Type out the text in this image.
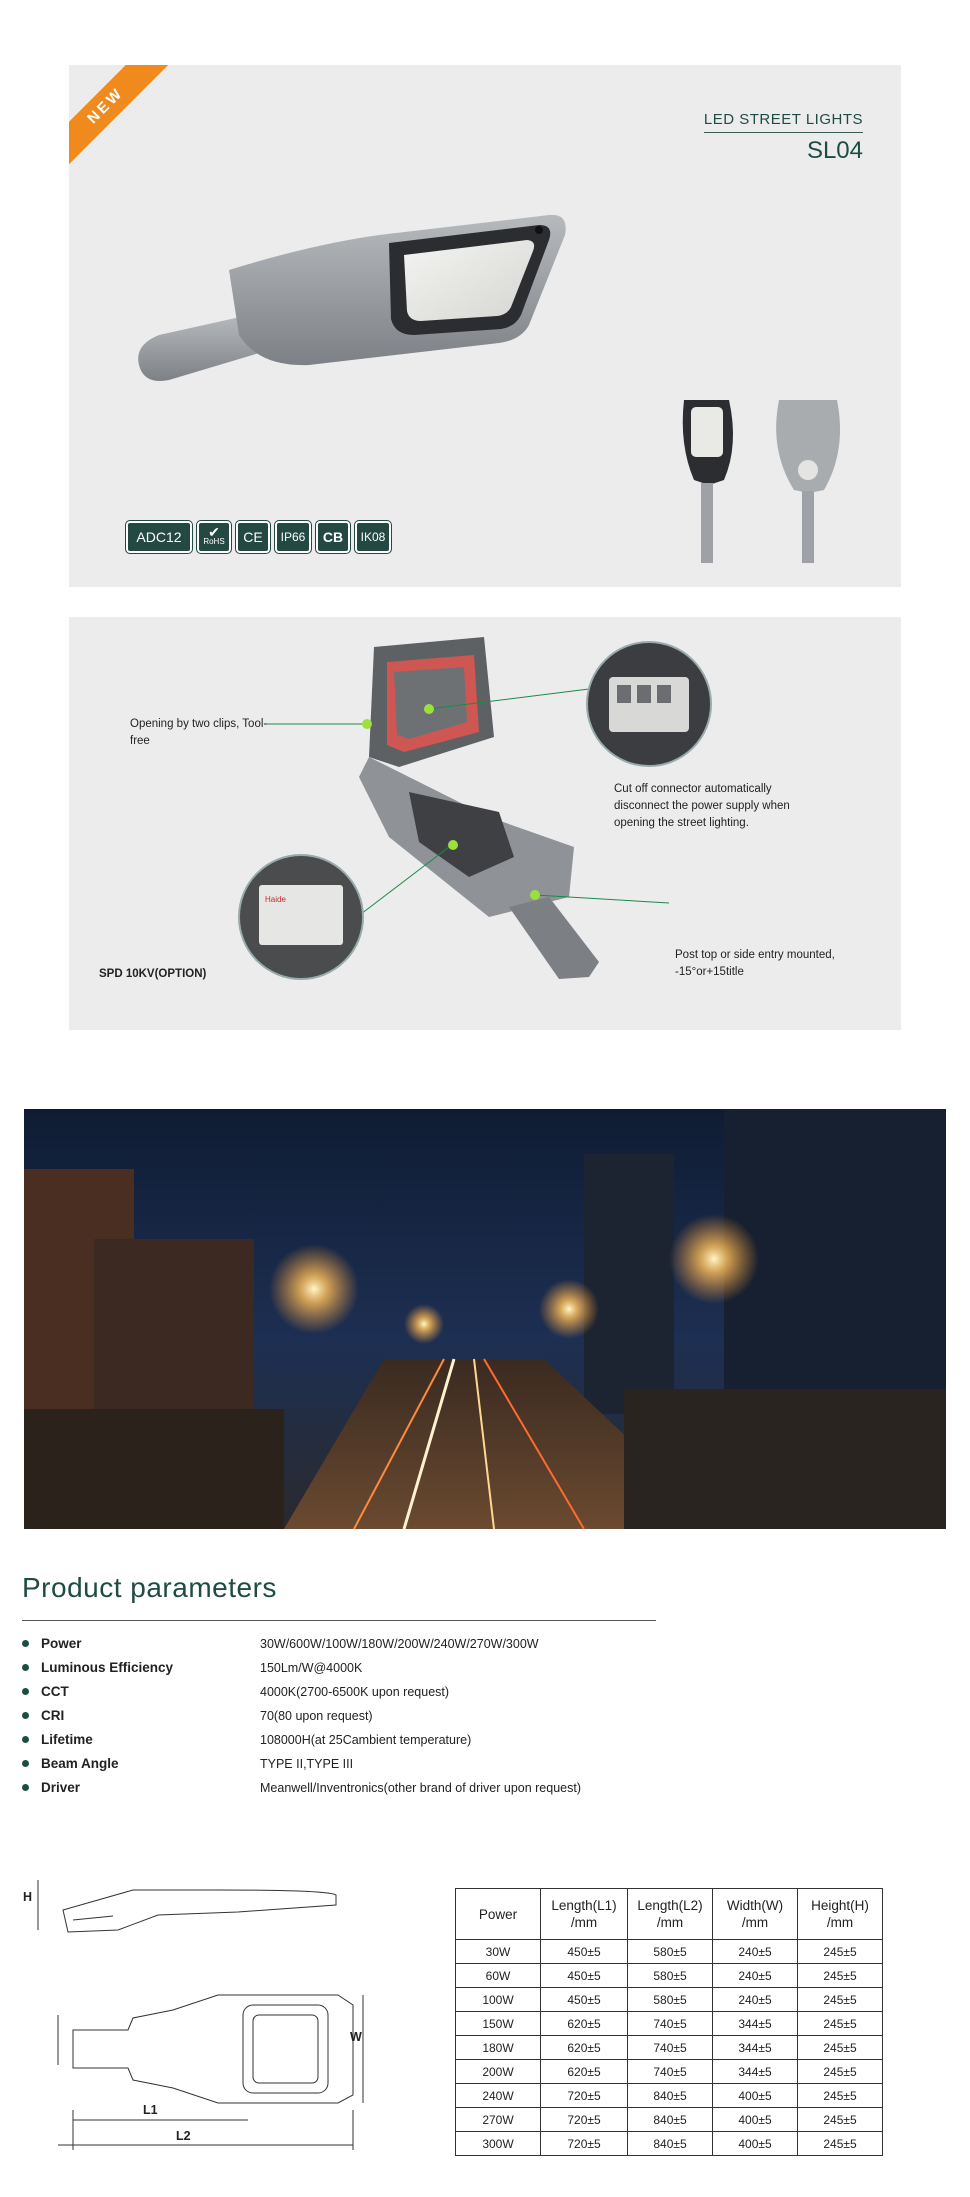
NEW	LED STREET LIGHTS
SL04
ADC12	✔
RoHS	CE	IP66	CB	IK08
Haide
Opening by two clips, Tool-free
Cut off connector automatically disconnect the power supply when opening the street lighting.
SPD 10KV(OPTION)
Post top or side entry mounted, -15°or+15title
Product parameters
Power	30W/600W/100W/180W/200W/240W/270W/300W
Luminous Efficiency	150Lm/W@4000K
CCT	4000K(2700-6500K upon request)
CRI	70(80 upon request)
Lifetime	108000H(at 25Cambient temperature)
Beam Angle	TYPE II,TYPE III
Driver	Meanwell/Inventronics(other brand of driver upon request)
H
W
L1
L2
Power	Length(L1) /mm	Length(L2) /mm	Width(W) /mm	Height(H) /mm
30W	450±5	580±5	240±5	245±5
60W	450±5	580±5	240±5	245±5
100W	450±5	580±5	240±5	245±5
150W	620±5	740±5	344±5	245±5
180W	620±5	740±5	344±5	245±5
200W	620±5	740±5	344±5	245±5
240W	720±5	840±5	400±5	245±5
270W	720±5	840±5	400±5	245±5
300W	720±5	840±5	400±5	245±5
